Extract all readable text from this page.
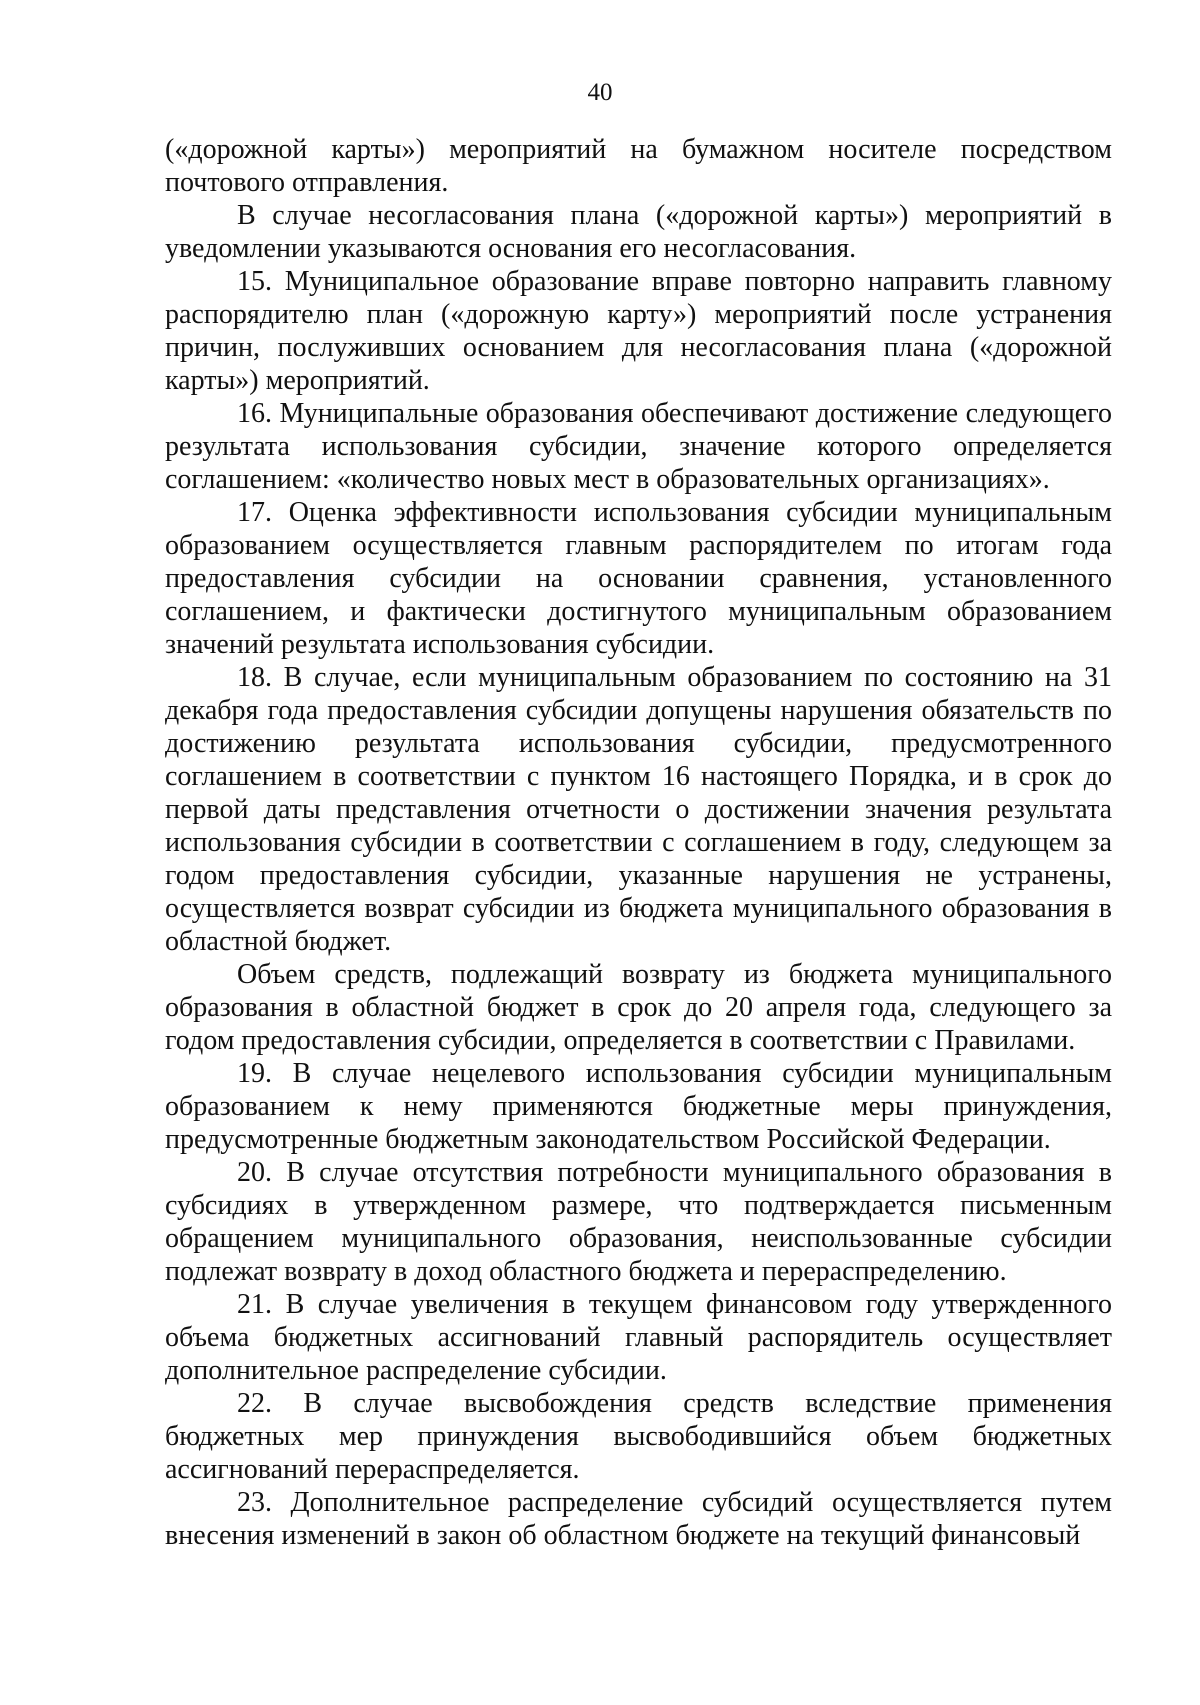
40

(«дорожной карты») мероприятий на бумажном носителе посредством почтового отправления.

В случае несогласования плана («дорожной карты») мероприятий в уведомлении указываются основания его несогласования.

15. Муниципальное образование вправе повторно направить главному распорядителю план («дорожную карту») мероприятий после устранения причин, послуживших основанием для несогласования плана («дорожной карты») мероприятий.

16. Муниципальные образования обеспечивают достижение следующего результата использования субсидии, значение которого определяется соглашением: «количество новых мест в образовательных организациях».

17. Оценка эффективности использования субсидии муниципальным образованием осуществляется главным распорядителем по итогам года предоставления субсидии на основании сравнения, установленного соглашением, и фактически достигнутого муниципальным образованием значений результата использования субсидии.

18. В случае, если муниципальным образованием по состоянию на 31 декабря года предоставления субсидии допущены нарушения обязательств по достижению результата использования субсидии, предусмотренного соглашением в соответствии с пунктом 16 настоящего Порядка, и в срок до первой даты представления отчетности о достижении значения результата использования субсидии в соответствии с соглашением в году, следующем за годом предоставления субсидии, указанные нарушения не устранены, осуществляется возврат субсидии из бюджета муниципального образования в областной бюджет.

Объем средств, подлежащий возврату из бюджета муниципального образования в областной бюджет в срок до 20 апреля года, следующего за годом предоставления субсидии, определяется в соответствии с Правилами.

19. В случае нецелевого использования субсидии муниципальным образованием к нему применяются бюджетные меры принуждения, предусмотренные бюджетным законодательством Российской Федерации.

20. В случае отсутствия потребности муниципального образования в субсидиях в утвержденном размере, что подтверждается письменным обращением муниципального образования, неиспользованные субсидии подлежат возврату в доход областного бюджета и перераспределению.

21. В случае увеличения в текущем финансовом году утвержденного объема бюджетных ассигнований главный распорядитель осуществляет дополнительное распределение субсидии.

22. В случае высвобождения средств вследствие применения бюджетных мер принуждения высвободившийся объем бюджетных ассигнований перераспределяется.

23. Дополнительное распределение субсидий осуществляется путем внесения изменений в закон об областном бюджете на текущий финансовый
